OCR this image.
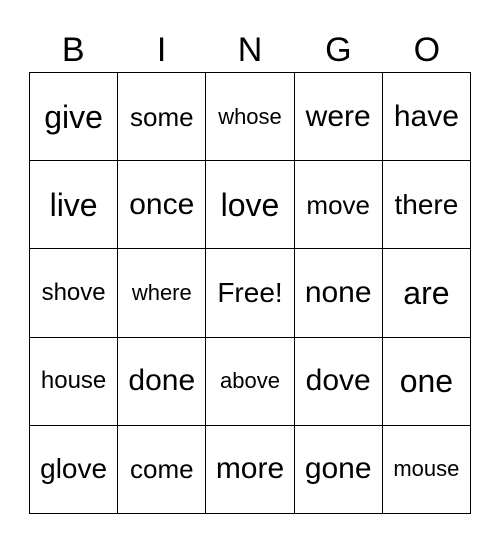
B	I	N	G	O
give some whose were have
live once love move there
shove where Free! none are
house done above dove one
glove come more gone mouse
